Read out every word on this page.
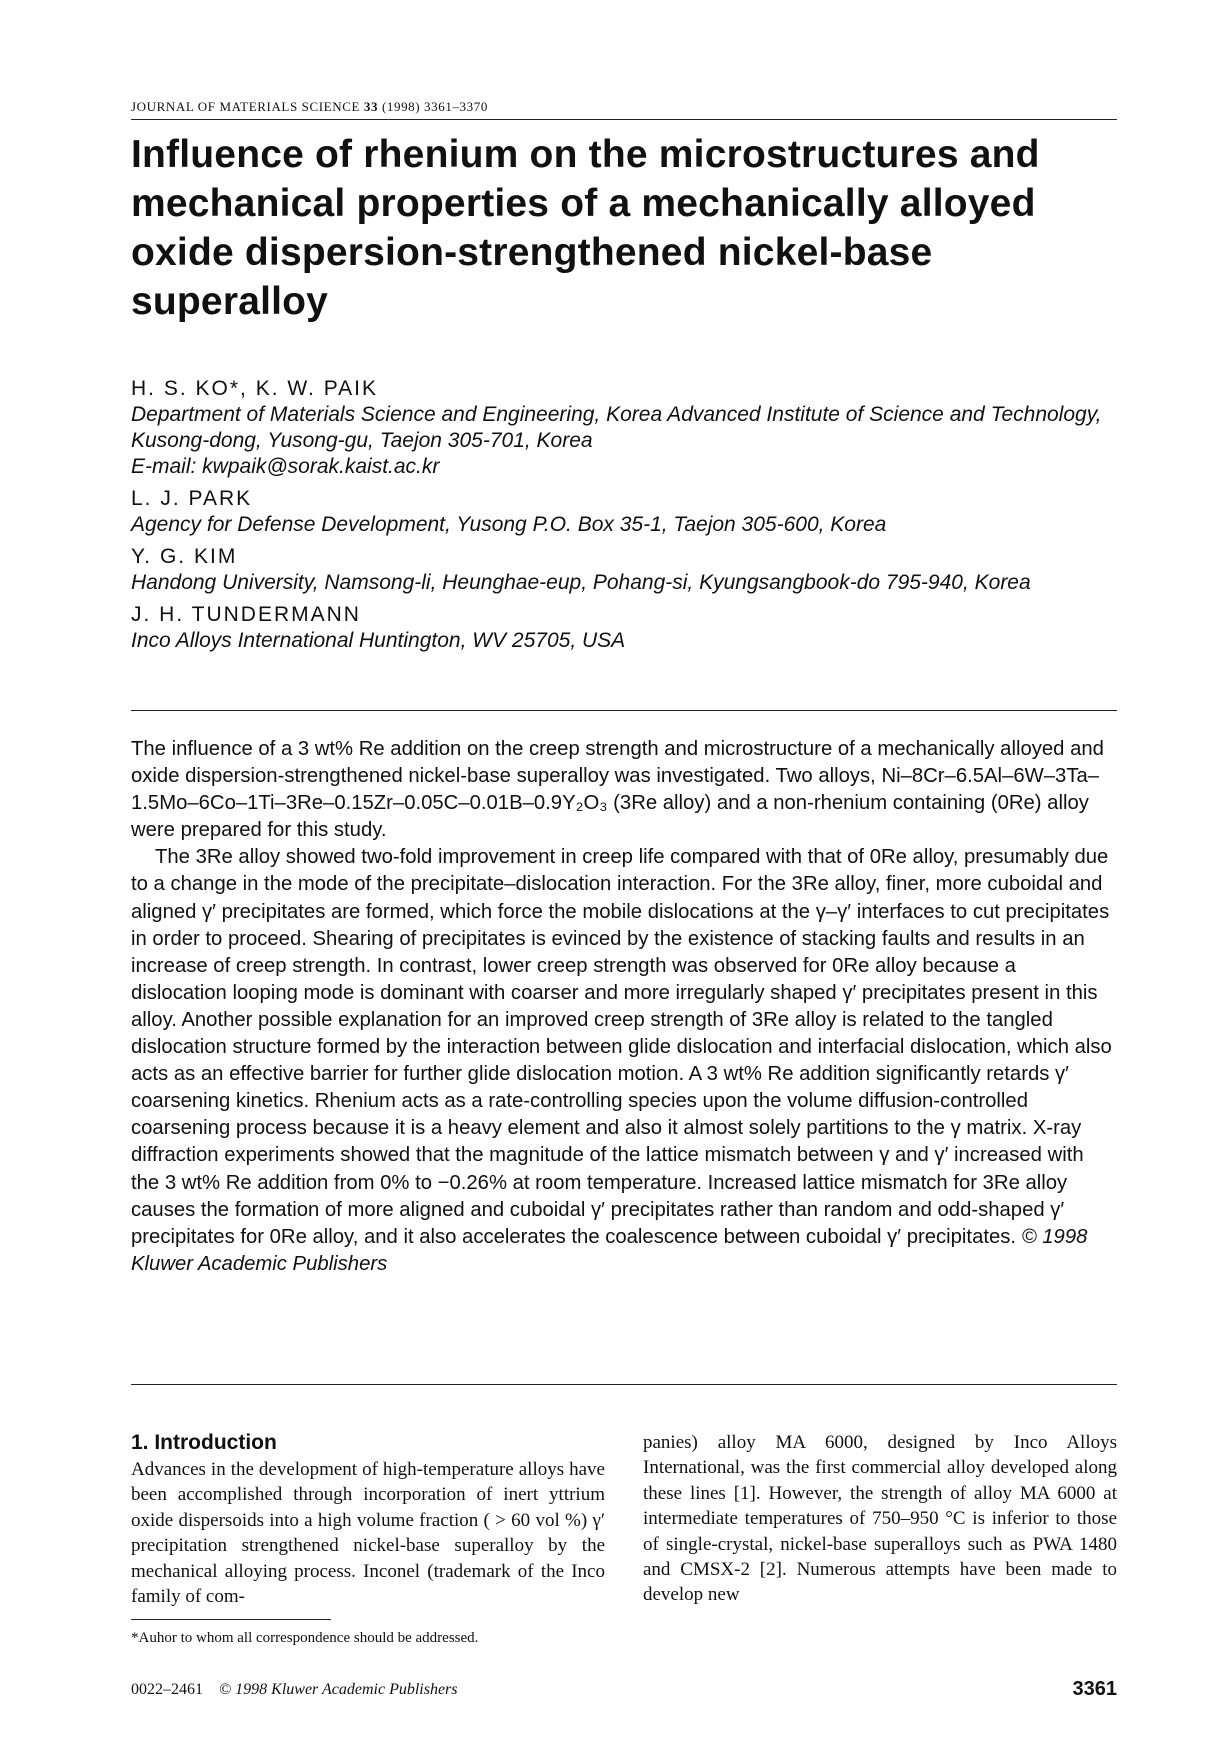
JOURNAL OF MATERIALS SCIENCE 33 (1998) 3361–3370
Influence of rhenium on the microstructures and mechanical properties of a mechanically alloyed oxide dispersion-strengthened nickel-base superalloy
H. S. KO*, K. W. PAIK
Department of Materials Science and Engineering, Korea Advanced Institute of Science and Technology, Kusong-dong, Yusong-gu, Taejon 305-701, Korea
E-mail: kwpaik@sorak.kaist.ac.kr
L. J. PARK
Agency for Defense Development, Yusong P.O. Box 35-1, Taejon 305-600, Korea
Y. G. KIM
Handong University, Namsong-li, Heunghae-eup, Pohang-si, Kyungsangbook-do 795-940, Korea
J. H. TUNDERMANN
Inco Alloys International Huntington, WV 25705, USA

The influence of a 3 wt% Re addition on the creep strength and microstructure of a mechanically alloyed and oxide dispersion-strengthened nickel-base superalloy was investigated. Two alloys, Ni–8Cr–6.5Al–6W–3Ta–1.5Mo–6Co–1Ti–3Re–0.15Zr–0.05C–0.01B–0.9Y₂O₃ (3Re alloy) and a non-rhenium containing (0Re) alloy were prepared for this study.

The 3Re alloy showed two-fold improvement in creep life compared with that of 0Re alloy, presumably due to a change in the mode of the precipitate–dislocation interaction. For the 3Re alloy, finer, more cuboidal and aligned γ′ precipitates are formed, which force the mobile dislocations at the γ–γ′ interfaces to cut precipitates in order to proceed. Shearing of precipitates is evinced by the existence of stacking faults and results in an increase of creep strength. In contrast, lower creep strength was observed for 0Re alloy because a dislocation looping mode is dominant with coarser and more irregularly shaped γ′ precipitates present in this alloy. Another possible explanation for an improved creep strength of 3Re alloy is related to the tangled dislocation structure formed by the interaction between glide dislocation and interfacial dislocation, which also acts as an effective barrier for further glide dislocation motion. A 3 wt% Re addition significantly retards γ′ coarsening kinetics. Rhenium acts as a rate-controlling species upon the volume diffusion-controlled coarsening process because it is a heavy element and also it almost solely partitions to the γ matrix. X-ray diffraction experiments showed that the magnitude of the lattice mismatch between γ and γ′ increased with the 3 wt% Re addition from 0% to −0.26% at room temperature. Increased lattice mismatch for 3Re alloy causes the formation of more aligned and cuboidal γ′ precipitates rather than random and odd-shaped γ′ precipitates for 0Re alloy, and it also accelerates the coalescence between cuboidal γ′ precipitates. © 1998 Kluwer Academic Publishers

1. Introduction

Advances in the development of high-temperature alloys have been accomplished through incorporation of inert yttrium oxide dispersoids into a high volume fraction ( > 60 vol %) γ′ precipitation strengthened nickel-base superalloy by the mechanical alloying process. Inconel (trademark of the Inco family of com-

panies) alloy MA 6000, designed by Inco Alloys International, was the first commercial alloy developed along these lines [1]. However, the strength of alloy MA 6000 at intermediate temperatures of 750–950 °C is inferior to those of single-crystal, nickel-base superalloys such as PWA 1480 and CMSX-2 [2]. Numerous attempts have been made to develop new

*Auhor to whom all correspondence should be addressed.
0022–2461 © 1998 Kluwer Academic Publishers	3361
